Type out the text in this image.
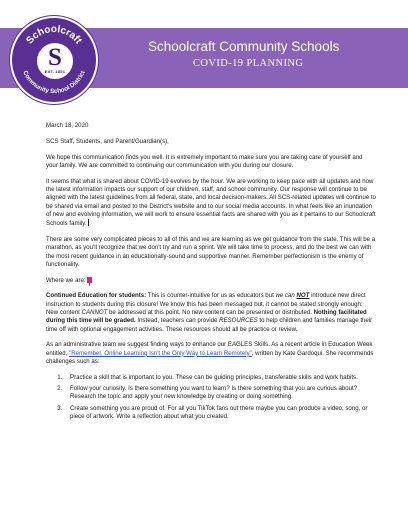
Schoolcraft Community Schools
COVID-19 PLANNING
Schoolcraft
Community School District
S
EST. 1851

March 18, 2020

SCS Staff, Students, and Parent/Guardian(s),

We hope this communication finds you well. It is extremely important to make sure you are taking care of yourself and your family. We are committed to continuing our communication with you during our closure.

It seems that what is shared about COVID-19 evolves by the hour. We are working to keep pace with all updates and how the latest information impacts our support of our children, staff, and school community. Our response will continue to be aligned with the latest guidelines from all federal, state, and local decision-makers. All SCS-related updates will continue to be shared via email and posted to the District's website and to our social media accounts. In what feels like an inundation of new and evolving information, we will work to ensure essential facts are shared with you as it pertains to our Schoolcraft Schools family.

There are some very complicated pieces to all of this and we are learning as we get guidance from the state. This will be a marathon, as you'll recognize that we don't try and run a sprint. We will take time to process, and do the best we can with the most recent guidance in an educationally-sound and supportive manner. Remember perfectionism is the enemy of functionality.

Where we are:

Continued Education for students: This is counter-intuitive for us as educators but we can NOT introduce new direct instruction to students during this closure! We know this has been messaged but, it cannot be stated strongly enough: New content CANNOT be addressed at this point. No new content can be presented or distributed. Nothing facilitated during this time will be graded. Instead, teachers can provide RESOURCES to help children and families manage their time off with optional engagement activities. These resources should all be practice or review.

As an administrative team we suggest finding ways to enhance our EAGLES Skills. As a recent article in Education Week entitled, "Remember, Online Learning Isn't the Only Way to Learn Remotely", written by Kate Gardoqui. She recommends challenges such as:

1. Practice a skill that is important to you. These can be guiding principles, transferable skills and work habits.
2. Follow your curiosity. Is there something you want to learn? Is there something that you are curious about? Research the topic and apply your new knowledge by creating or doing something.
3. Create something you are proud of. For all you TikTok fans out there maybe you can produce a video, song, or piece of artwork. Write a reflection about what you created.
